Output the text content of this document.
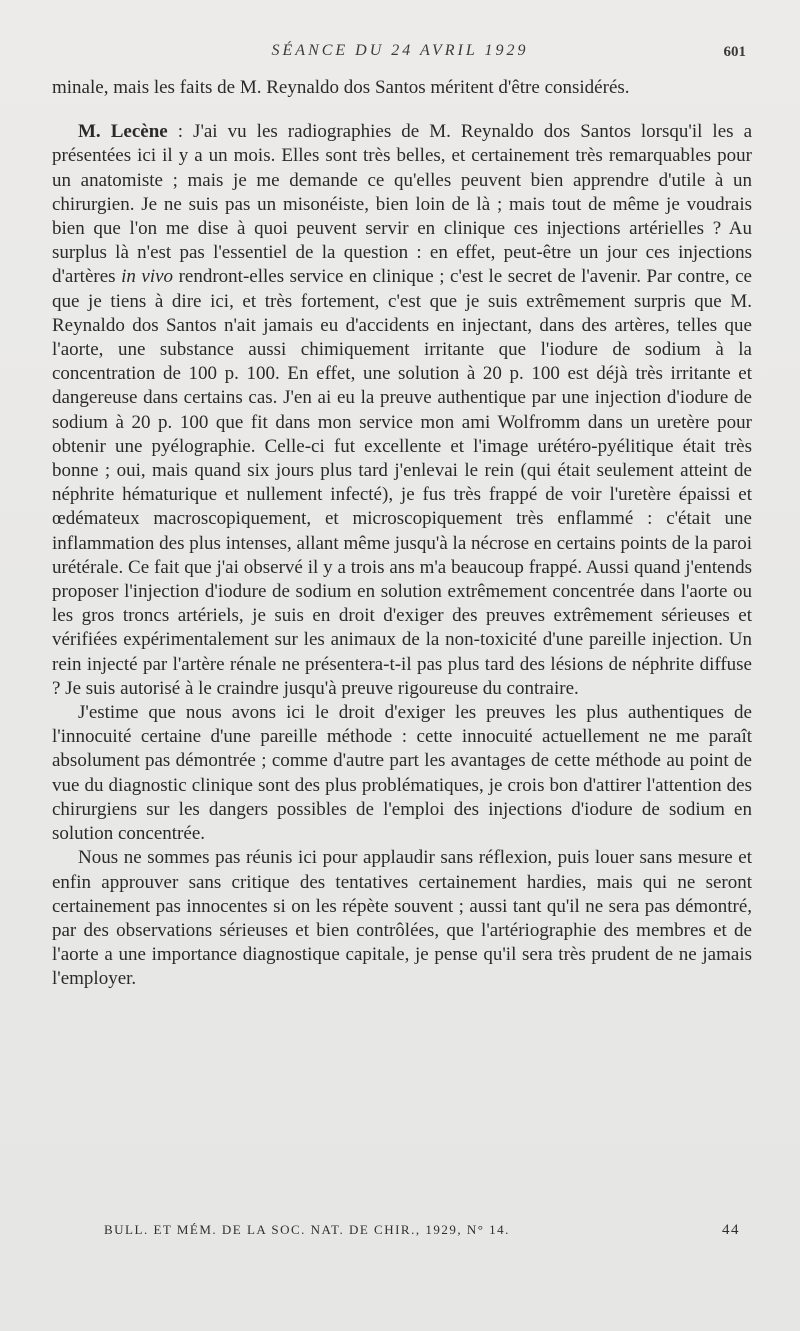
SÉANCE DU 24 AVRIL 1929	601

minale, mais les faits de M. Reynaldo dos Santos méritent d'être considérés.

M. Lecène : J'ai vu les radiographies de M. Reynaldo dos Santos lorsqu'il les a présentées ici il y a un mois. Elles sont très belles, et certainement très remarquables pour un anatomiste ; mais je me demande ce qu'elles peuvent bien apprendre d'utile à un chirurgien. Je ne suis pas un misonéiste, bien loin de là ; mais tout de même je voudrais bien que l'on me dise à quoi peuvent servir en clinique ces injections artérielles ? Au surplus là n'est pas l'essentiel de la question : en effet, peut-être un jour ces injections d'artères in vivo rendront-elles service en clinique ; c'est le secret de l'avenir. Par contre, ce que je tiens à dire ici, et très fortement, c'est que je suis extrêmement surpris que M. Reynaldo dos Santos n'ait jamais eu d'accidents en injectant, dans des artères, telles que l'aorte, une substance aussi chimiquement irritante que l'iodure de sodium à la concentration de 100 p. 100. En effet, une solution à 20 p. 100 est déjà très irritante et dangereuse dans certains cas. J'en ai eu la preuve authentique par une injection d'iodure de sodium à 20 p. 100 que fit dans mon service mon ami Wolfromm dans un uretère pour obtenir une pyélographie. Celle-ci fut excellente et l'image urétéro-pyélitique était très bonne ; oui, mais quand six jours plus tard j'enlevai le rein (qui était seulement atteint de néphrite hématurique et nullement infecté), je fus très frappé de voir l'uretère épaissi et œdémateux macroscopiquement, et microscopiquement très enflammé : c'était une inflammation des plus intenses, allant même jusqu'à la nécrose en certains points de la paroi urétérale. Ce fait que j'ai observé il y a trois ans m'a beaucoup frappé. Aussi quand j'entends proposer l'injection d'iodure de sodium en solution extrêmement concentrée dans l'aorte ou les gros troncs artériels, je suis en droit d'exiger des preuves extrêmement sérieuses et vérifiées expérimentalement sur les animaux de la non-toxicité d'une pareille injection. Un rein injecté par l'artère rénale ne présentera-t-il pas plus tard des lésions de néphrite diffuse ? Je suis autorisé à le craindre jusqu'à preuve rigoureuse du contraire.

J'estime que nous avons ici le droit d'exiger les preuves les plus authentiques de l'innocuité certaine d'une pareille méthode : cette innocuité actuellement ne me paraît absolument pas démontrée ; comme d'autre part les avantages de cette méthode au point de vue du diagnostic clinique sont des plus problématiques, je crois bon d'attirer l'attention des chirurgiens sur les dangers possibles de l'emploi des injections d'iodure de sodium en solution concentrée.

Nous ne sommes pas réunis ici pour applaudir sans réflexion, puis louer sans mesure et enfin approuver sans critique des tentatives certainement hardies, mais qui ne seront certainement pas innocentes si on les répète souvent ; aussi tant qu'il ne sera pas démontré, par des observations sérieuses et bien contrôlées, que l'artériographie des membres et de l'aorte a une importance diagnostique capitale, je pense qu'il sera très prudent de ne jamais l'employer.

BULL. ET MÉM. DE LA SOC. NAT. DE CHIR., 1929, N° 14.	44
